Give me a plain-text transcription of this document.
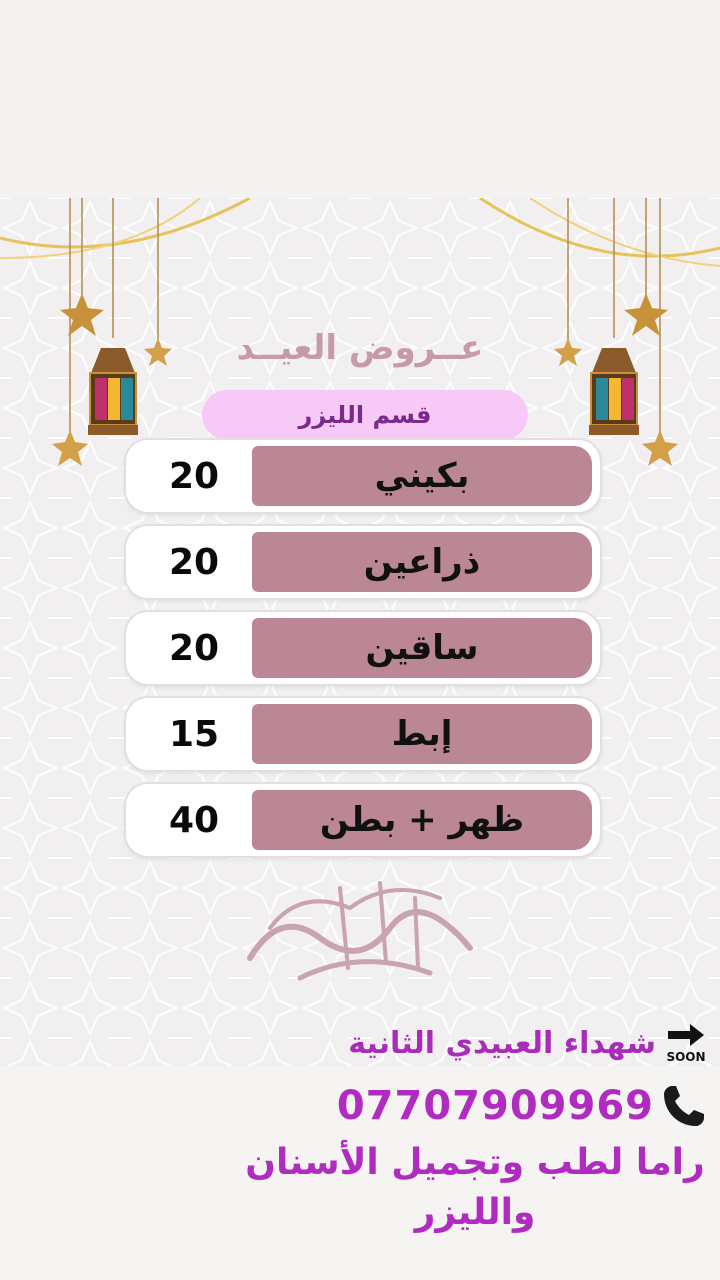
عــروض العيــد
قسم الليزر
20	بكيني
20	ذراعين
20	ساقين
15	إبط
40	ظهر + بطن
شهداء العبيدي الثانية SOON
07707909969
راما لطب وتجميل الأسنان
والليزر
